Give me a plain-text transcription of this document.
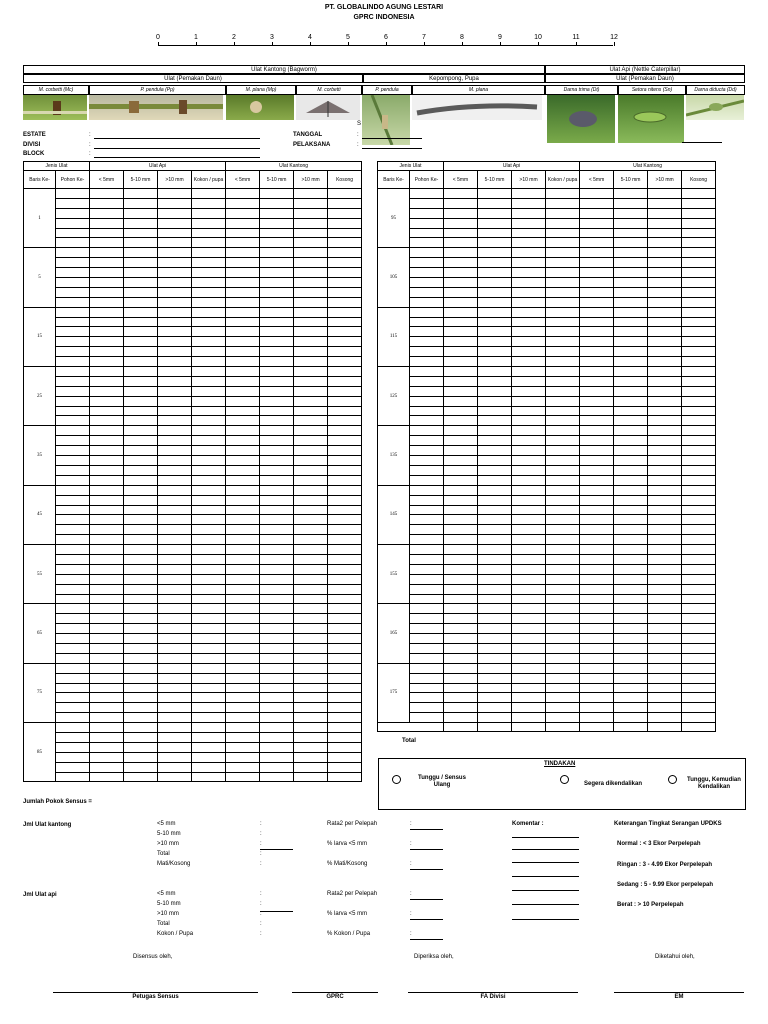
PT. GLOBALINDO AGUNG LESTARI
GPRC INDONESIA
0	1	2	3	4	5	6	7	8	9	10	11	12
Ulat Kantong (Bagworm)	Ulat Api (Nettle Caterpillar)
Ulat (Pemakan Daun)	Kepompong, Pupa	Ulat (Pemakan Daun)
M. corbetti (Mc)	P. pendula (Pp)	M. plana (Mp)	M. corbetti	P. pendula	M. plana	Darna trima (Dt)	Setora nitens (Sn)	Darna diducta (Dd)
S
ESTATE	:
DIVISI	:
BLOCK	:
TANGGAL	:
PELAKSANA	:
Jenis Ulat		Ulat Api				Ulat Kantong			
Baris Ke-	Pohon Ke-	< 5mm	5-10 mm	>10 mm	Kokon / pupa	< 5mm	5-10 mm	>10 mm	Kosong
1									

5									

15									

25									

35									

45									

55									

65									

75									

85									

Jenis Ulat		Ulat Api				Ulat Kantong			
Baris Ke-	Pohon Ke-	< 5mm	5-10 mm	>10 mm	Kokon / pupa	< 5mm	5-10 mm	>10 mm	Kosong
95									

105									

115									

125									

135									

145									

155									

165									

175									

Total
TINDAKAN
Tunggu / Sensus Ulang	Segera dikendalikan
Tunggu, Kemudian Kendalikan
Jumlah Pokok Sensus =
Jml Ulat kantong	<5 mm	:
5-10 mm	:
>10 mm	:
Total	:
Mati/Kosong	:
Rata2 per Pelepah	:
% larva <5 mm	:
% Mati/Kosong	:
Jml Ulat api	<5 mm	:
5-10 mm	:
>10 mm	:
Total	:
Kokon / Pupa	:
Rata2 per Pelepah	:
% larva <5 mm	:
% Kokon / Pupa	:
Komentar :	Keterangan Tingkat Serangan UPDKS
Normal : < 3 Ekor Perpelepah
Ringan : 3 - 4.99 Ekor Perpelepah
Sedang : 5 - 9.99 Ekor perpelepah
Berat : > 10 Perpelepah
Disensus oleh,	Diperiksa oleh,	Diketahui oleh,
Petugas Sensus	GPRC	FA Divisi	EM
